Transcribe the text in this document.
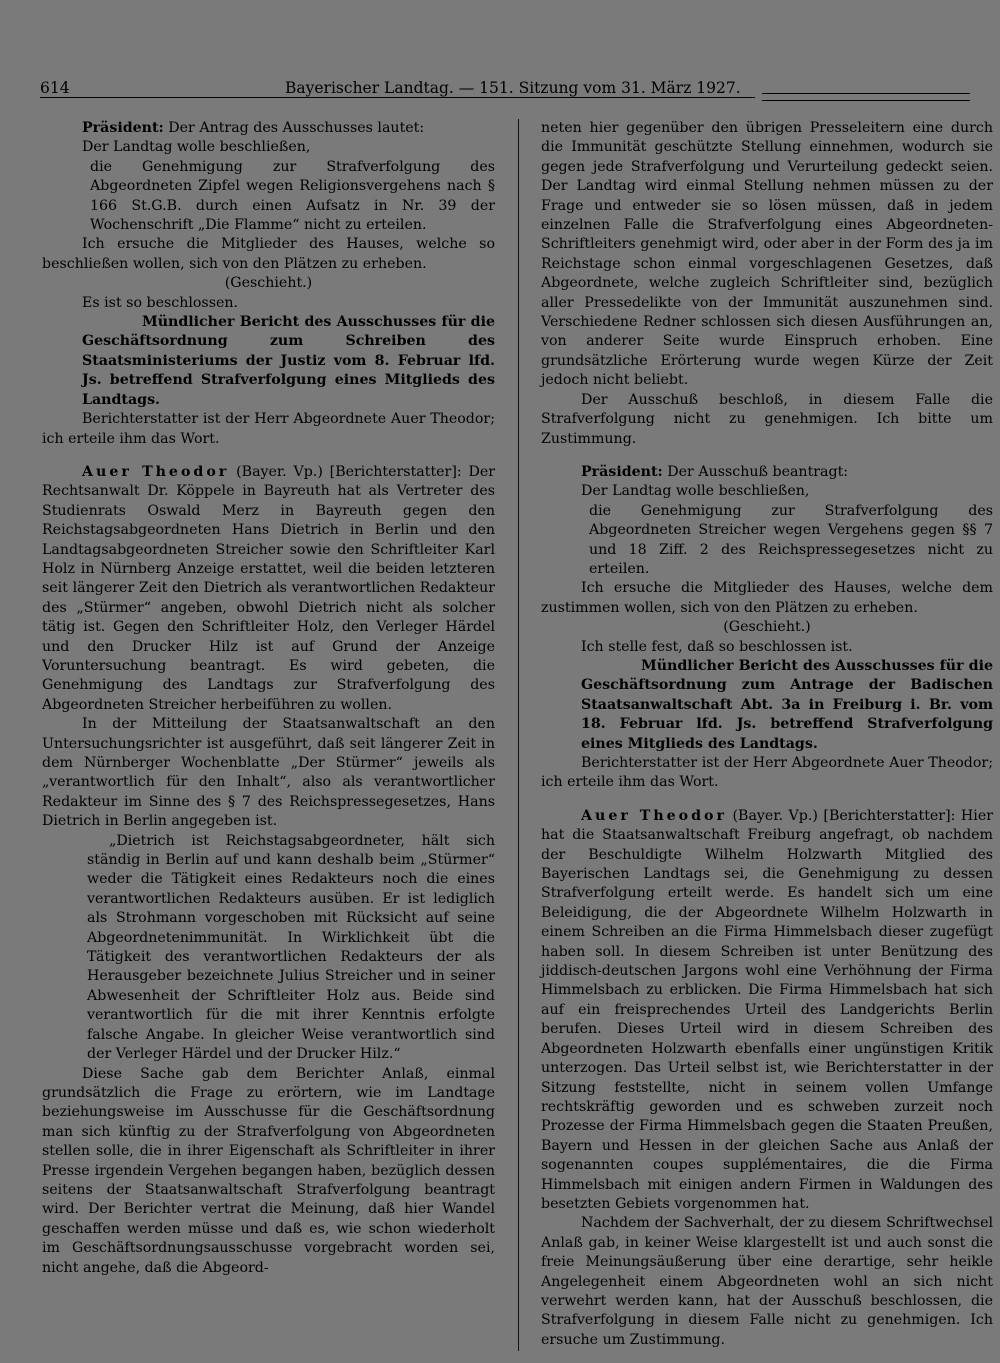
614	Bayerischer Landtag. — 151. Sitzung vom 31. März 1927.

Präsident: Der Antrag des Ausschusses lautet:

Der Landtag wolle beschließen,

die Genehmigung zur Strafverfolgung des Abgeordneten Zipfel wegen Religionsvergehens nach § 166 St.G.B. durch einen Aufsatz in Nr. 39 der Wochenschrift „Die Flamme“ nicht zu erteilen.

Ich ersuche die Mitglieder des Hauses, welche so beschließen wollen, sich von den Plätzen zu erheben.

(Geschieht.)

Es ist so beschlossen.

Mündlicher Bericht des Ausschusses für die Geschäftsordnung zum Schreiben des Staatsministeriums der Justiz vom 8. Februar lfd. Js. betreffend Strafverfolgung eines Mitglieds des Landtags.

Berichterstatter ist der Herr Abgeordnete Auer Theodor; ich erteile ihm das Wort.

Auer Theodor (Bayer. Vp.) [Berichterstatter]: Der Rechtsanwalt Dr. Köppele in Bayreuth hat als Vertreter des Studienrats Oswald Merz in Bayreuth gegen den Reichstagsabgeordneten Hans Dietrich in Berlin und den Landtagsabgeordneten Streicher sowie den Schriftleiter Karl Holz in Nürnberg Anzeige erstattet, weil die beiden letzteren seit längerer Zeit den Dietrich als verantwortlichen Redakteur des „Stürmer“ angeben, obwohl Dietrich nicht als solcher tätig ist. Gegen den Schriftleiter Holz, den Verleger Härdel und den Drucker Hilz ist auf Grund der Anzeige Voruntersuchung beantragt. Es wird gebeten, die Genehmigung des Landtags zur Strafverfolgung des Abgeordneten Streicher herbeiführen zu wollen.

In der Mitteilung der Staatsanwaltschaft an den Untersuchungsrichter ist ausgeführt, daß seit längerer Zeit in dem Nürnberger Wochenblatte „Der Stürmer“ jeweils als „verantwortlich für den Inhalt“, also als verantwortlicher Redakteur im Sinne des § 7 des Reichspressegesetzes, Hans Dietrich in Berlin angegeben ist.

„Dietrich ist Reichstagsabgeordneter, hält sich ständig in Berlin auf und kann deshalb beim „Stürmer“ weder die Tätigkeit eines Redakteurs noch die eines verantwortlichen Redakteurs ausüben. Er ist lediglich als Strohmann vorgeschoben mit Rücksicht auf seine Abgeordnetenimmunität. In Wirklichkeit übt die Tätigkeit des verantwortlichen Redakteurs der als Herausgeber bezeichnete Julius Streicher und in seiner Abwesenheit der Schriftleiter Holz aus. Beide sind verantwortlich für die mit ihrer Kenntnis erfolgte falsche Angabe. In gleicher Weise verantwortlich sind der Verleger Härdel und der Drucker Hilz.“

Diese Sache gab dem Berichter Anlaß, einmal grundsätzlich die Frage zu erörtern, wie im Landtage beziehungsweise im Ausschusse für die Geschäftsordnung man sich künftig zu der Strafverfolgung von Abgeordneten stellen solle, die in ihrer Eigenschaft als Schriftleiter in ihrer Presse irgendein Vergehen begangen haben, bezüglich dessen seitens der Staatsanwaltschaft Strafverfolgung beantragt wird. Der Berichter vertrat die Meinung, daß hier Wandel geschaffen werden müsse und daß es, wie schon wiederholt im Geschäftsordnungsausschusse vorgebracht worden sei, nicht angehe, daß die Abgeord-

neten hier gegenüber den übrigen Presseleitern eine durch die Immunität geschützte Stellung einnehmen, wodurch sie gegen jede Strafverfolgung und Verurteilung gedeckt seien. Der Landtag wird einmal Stellung nehmen müssen zu der Frage und entweder sie so lösen müssen, daß in jedem einzelnen Falle die Strafverfolgung eines Abgeordneten-Schriftleiters genehmigt wird, oder aber in der Form des ja im Reichstage schon einmal vorgeschlagenen Gesetzes, daß Abgeordnete, welche zugleich Schriftleiter sind, bezüglich aller Pressedelikte von der Immunität auszunehmen sind. Verschiedene Redner schlossen sich diesen Ausführungen an, von anderer Seite wurde Einspruch erhoben. Eine grundsätzliche Erörterung wurde wegen Kürze der Zeit jedoch nicht beliebt.

Der Ausschuß beschloß, in diesem Falle die Strafverfolgung nicht zu genehmigen. Ich bitte um Zustimmung.

Präsident: Der Ausschuß beantragt:

Der Landtag wolle beschließen,

die Genehmigung zur Strafverfolgung des Abgeordneten Streicher wegen Vergehens gegen §§ 7 und 18 Ziff. 2 des Reichspressegesetzes nicht zu erteilen.

Ich ersuche die Mitglieder des Hauses, welche dem zustimmen wollen, sich von den Plätzen zu erheben.

(Geschieht.)

Ich stelle fest, daß so beschlossen ist.

Mündlicher Bericht des Ausschusses für die Geschäftsordnung zum Antrage der Badischen Staatsanwaltschaft Abt. 3a in Freiburg i. Br. vom 18. Februar lfd. Js. betreffend Strafverfolgung eines Mitglieds des Landtags.

Berichterstatter ist der Herr Abgeordnete Auer Theodor; ich erteile ihm das Wort.

Auer Theodor (Bayer. Vp.) [Berichterstatter]: Hier hat die Staatsanwaltschaft Freiburg angefragt, ob nachdem der Beschuldigte Wilhelm Holzwarth Mitglied des Bayerischen Landtags sei, die Genehmigung zu dessen Strafverfolgung erteilt werde. Es handelt sich um eine Beleidigung, die der Abgeordnete Wilhelm Holzwarth in einem Schreiben an die Firma Himmelsbach dieser zugefügt haben soll. In diesem Schreiben ist unter Benützung des jiddisch-deutschen Jargons wohl eine Verhöhnung der Firma Himmelsbach zu erblicken. Die Firma Himmelsbach hat sich auf ein freisprechendes Urteil des Landgerichts Berlin berufen. Dieses Urteil wird in diesem Schreiben des Abgeordneten Holzwarth ebenfalls einer ungünstigen Kritik unterzogen. Das Urteil selbst ist, wie Berichterstatter in der Sitzung feststellte, nicht in seinem vollen Umfange rechtskräftig geworden und es schweben zurzeit noch Prozesse der Firma Himmelsbach gegen die Staaten Preußen, Bayern und Hessen in der gleichen Sache aus Anlaß der sogenannten coupes supplémentaires, die die Firma Himmelsbach mit einigen andern Firmen in Waldungen des besetzten Gebiets vorgenommen hat.

Nachdem der Sachverhalt, der zu diesem Schriftwechsel Anlaß gab, in keiner Weise klargestellt ist und auch sonst die freie Meinungsäußerung über eine derartige, sehr heikle Angelegenheit einem Abgeordneten wohl an sich nicht verwehrt werden kann, hat der Ausschuß beschlossen, die Strafverfolgung in diesem Falle nicht zu genehmigen. Ich ersuche um Zustimmung.
